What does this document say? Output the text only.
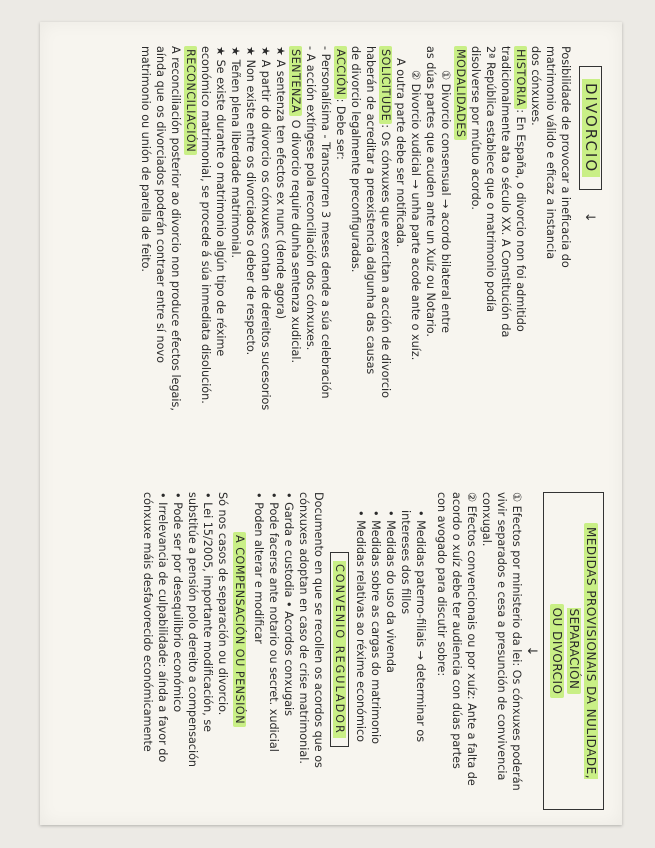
DIVORCIO ↓
Posibilidade de provocar a ineficacia do
matrimonio válido e eficaz a instancia
dos cónxuxes.
HISTORIA: En España, o divorcio non foi admitido
tradicionalmente ata o século XX. A Constitución da
2ª República establece que o matrimonio podía
disolverse por mútuo acordo.
MODALIDADES
① Divorcio consensual → acordo bilateral entre
as dúas partes que acuden ante un Xuíz ou Notario.
② Divorcio xudicial → unha parte acode ante o xuíz.
A outra parte debe ser notificada.
SOLICITUDE: Os cónxuxes que exercitan a acción de divorcio
haberán de acreditar a preexistencia dalgunha das causas
de divorcio legalmente preconfiguradas.
ACCIÓN: Debe ser:
- Personalísima - Transcorren 3 meses dende a súa celebración
- A acción extíngese pola reconciliación dos cónxuxes.
SENTENZA O divorcio require dunha sentenza xudicial.
★ A sentenza ten efectos ex nunc (dende agora)
★ A partir do divorcio os cónxuxes contan de dereitos sucesorios
★ Non existe entre os divorciados o deber de respecto.
★ Teñen plena liberdade matrimonial.
★ Se existe durante o matrimonio algún tipo de réxime
económico matrimonial, se procede á súa inmediata disolución.
RECONCILIACIÓN
A reconciliación posterior ao divorcio non produce efectos legais,
aínda que os divorciados poderán contraer entre sí novo
matrimonio ou unión de parella de feito.
MEDIDAS PROVISIONAIS DA NULIDADE, SEPARACIÓN
OU DIVORCIO
↓
① Efectos por ministerio da lei: Os cónxuxes poderán
vivir separados e cesa a presunción de convivencia
conxugal.
② Efectos convencionais ou por xuíz: Ante a falta de
acordo o xuíz debe ter audiencia con dúas partes
con avogado para discutir sobre:
• Medidas paterno-filiais → determinar os
intereses dos fillos
• Medidas do uso da vivenda
• Medidas sobre as cargas do matrimonio
• Medidas relativas ao réxime económico
CONVENIO REGULADOR
Documento en que se recollen os acordos que os
cónxuxes adoptan en caso de crise matrimonial.
• Garda e custodia • Acordos conxugais
• Pode facerse ante notario ou secret. xudicial
• Poden alterar e modificar
A COMPENSACIÓN OU PENSIÓN
Só nos casos de separación ou divorcio.
• Lei 15/2005, importante modificación, se
substitúe a pensión polo dereito a compensación
• Pode ser por desequilibrio económico
• Irrelevancia de culpabilidade: aínda a favor do
cónxuxe máis desfavorecido económicamente
